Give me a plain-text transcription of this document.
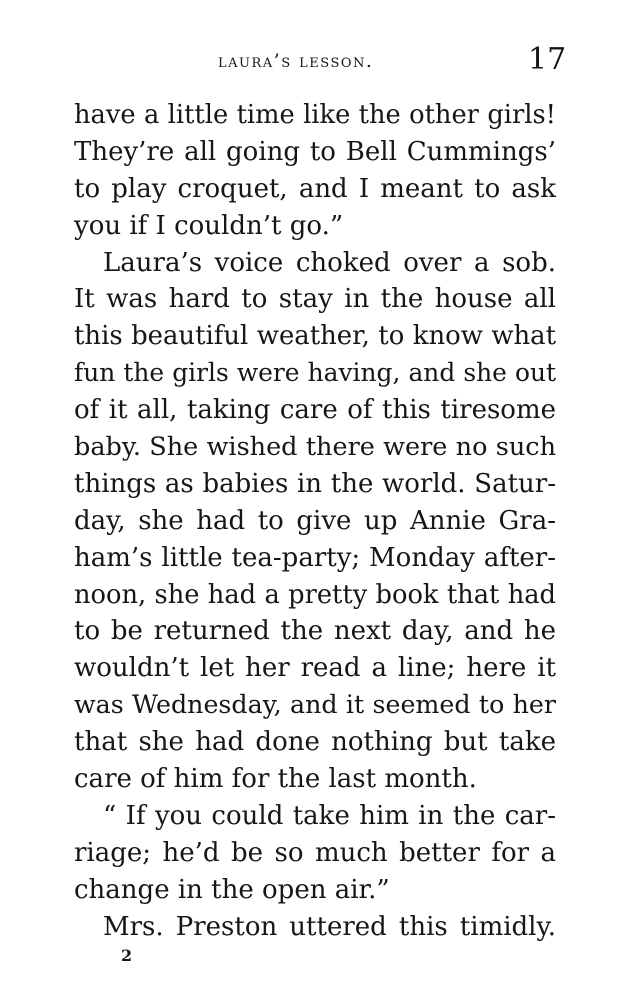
laura’s lesson.	17
have a little time like the other girls!
They’re all going to Bell Cummings’
to play croquet, and I meant to ask
you if I couldn’t go.”
Laura’s voice choked over a sob.
It was hard to stay in the house all
this beautiful weather, to know what
fun the girls were having, and she out
of it all, taking care of this tiresome
baby. She wished there were no such
things as babies in the world. Satur-
day, she had to give up Annie Gra-
ham’s little tea-party; Monday after-
noon, she had a pretty book that had
to be returned the next day, and he
wouldn’t let her read a line; here it
was Wednesday, and it seemed to her
that she had done nothing but take
care of him for the last month.
“ If you could take him in the car-
riage; he’d be so much better for a
change in the open air.”
Mrs. Preston uttered this timidly.
2
